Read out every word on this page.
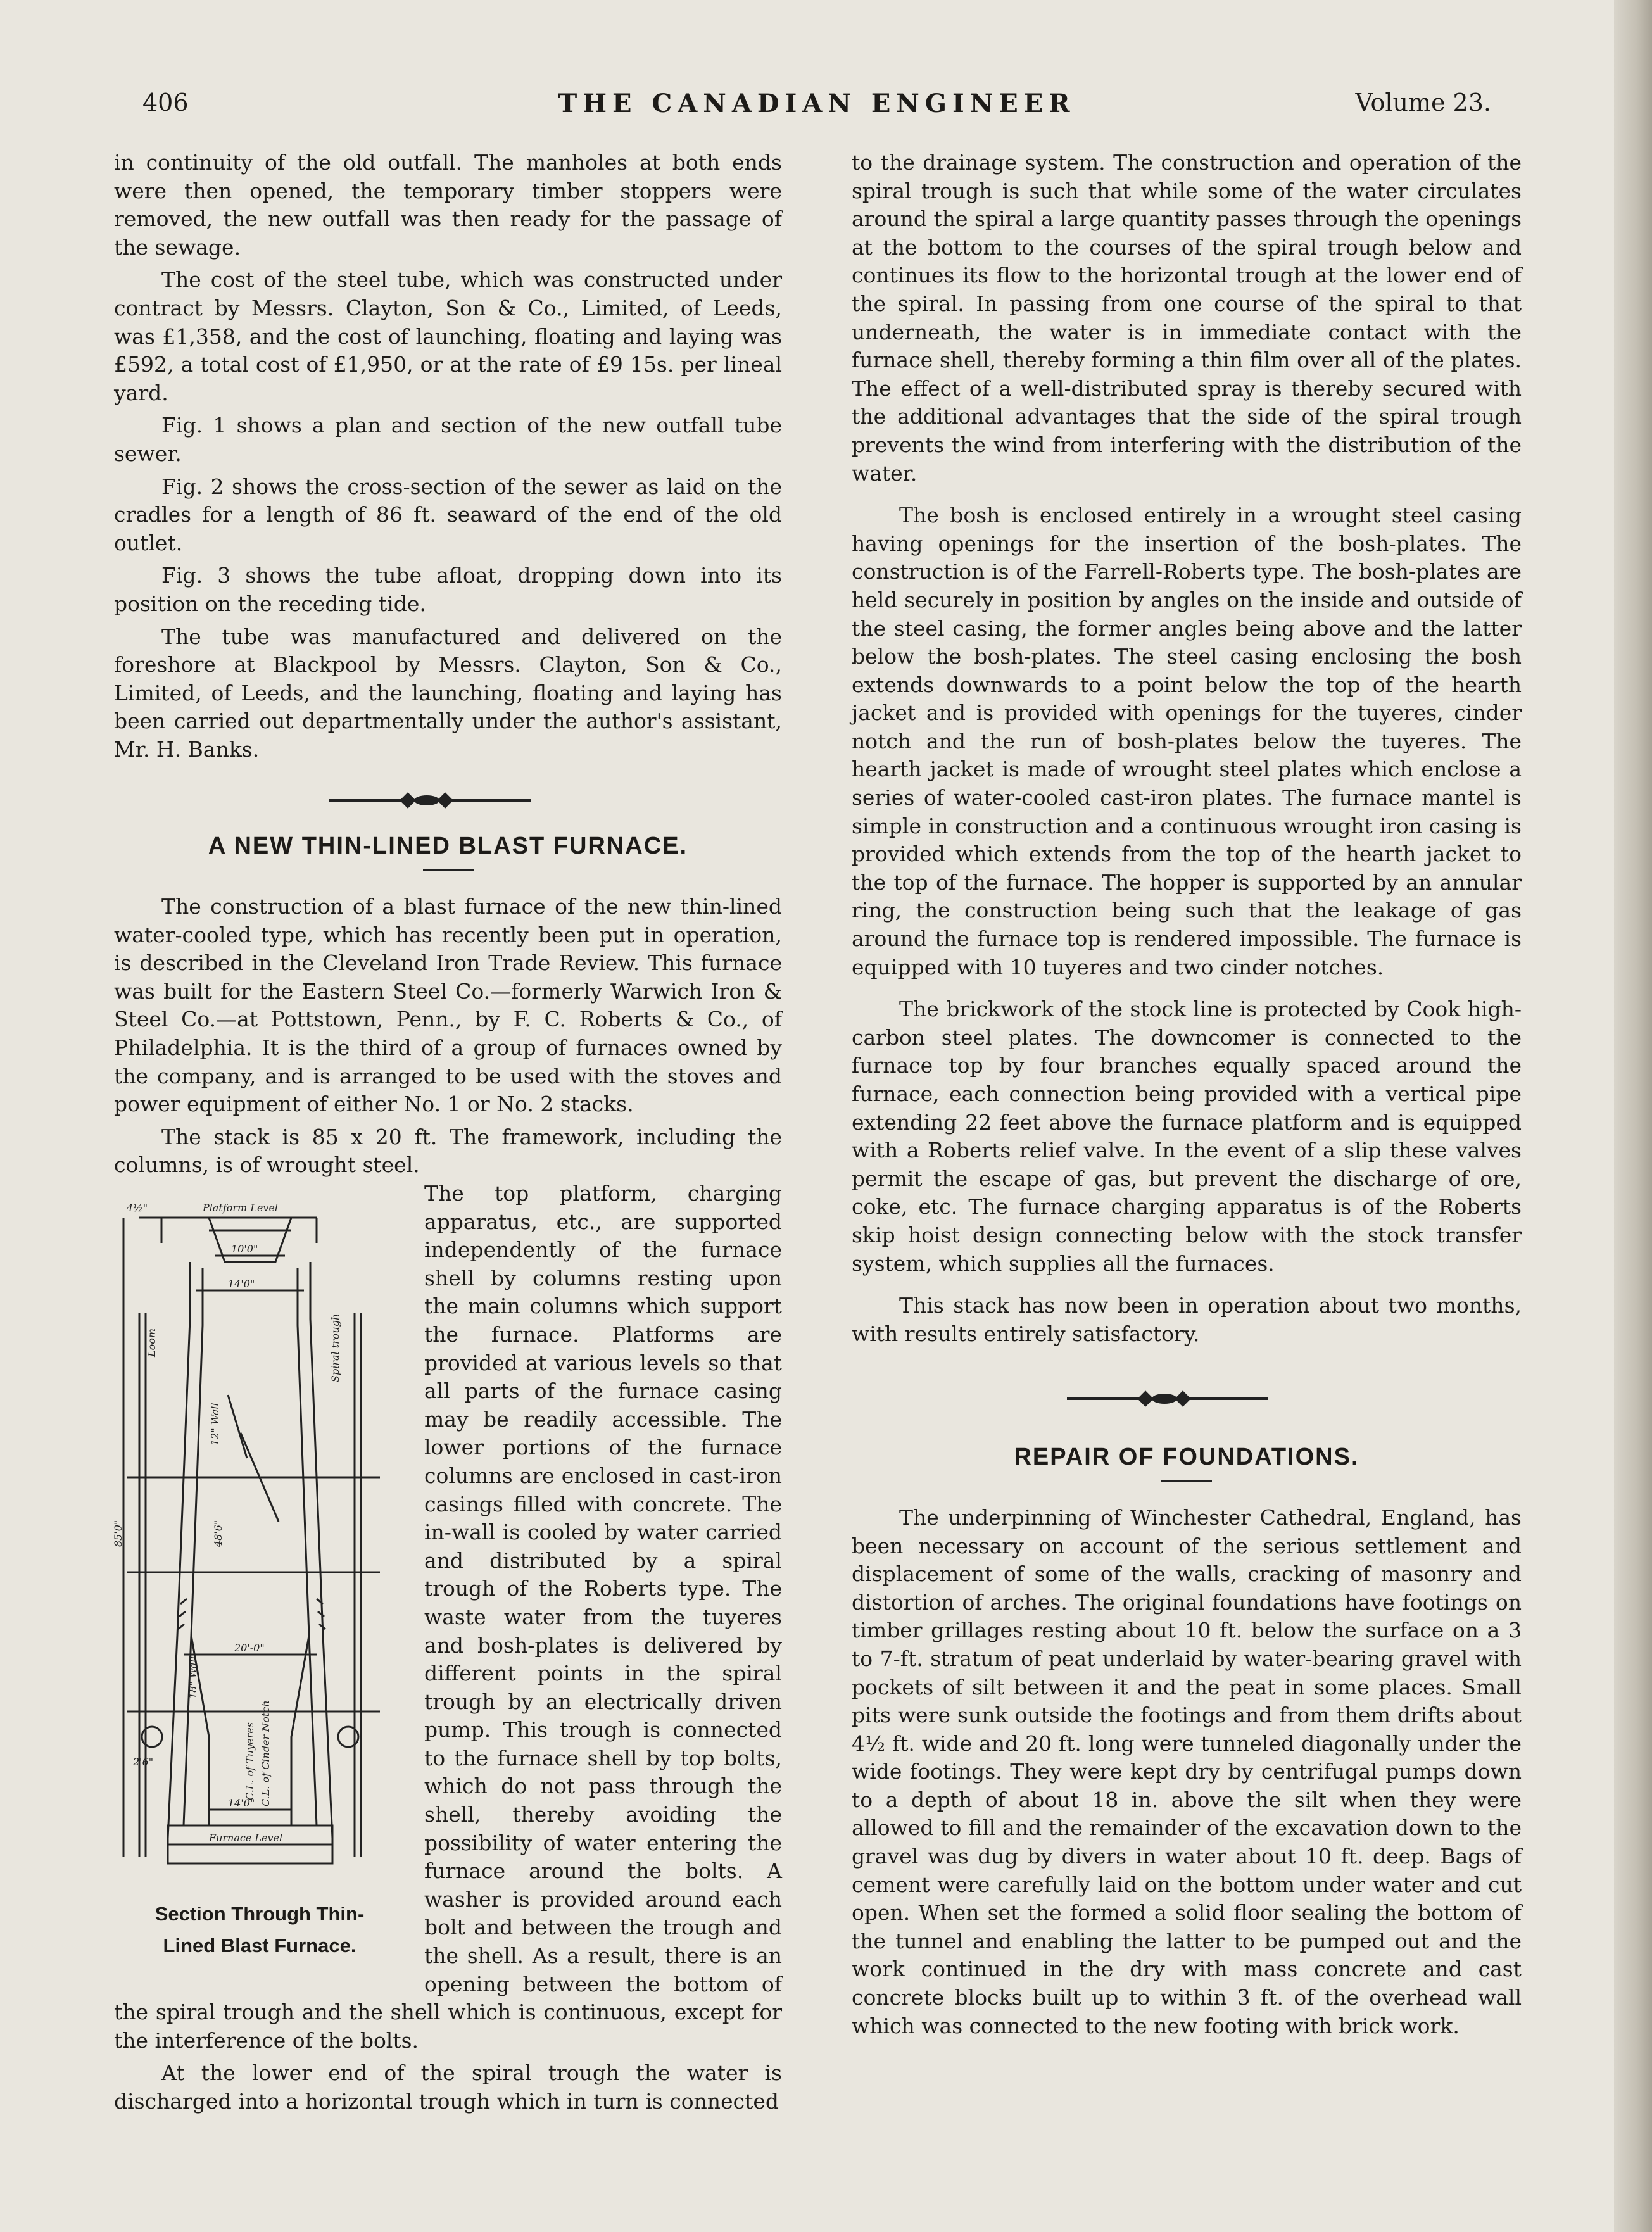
406	THE CANADIAN ENGINEER	Volume 23.

in continuity of the old outfall. The manholes at both ends were then opened, the temporary timber stoppers were removed, the new outfall was then ready for the passage of the sewage.

The cost of the steel tube, which was constructed under contract by Messrs. Clayton, Son & Co., Limited, of Leeds, was £1,358, and the cost of launching, floating and laying was £592, a total cost of £1,950, or at the rate of £9 15s. per lineal yard.

Fig. 1 shows a plan and section of the new outfall tube sewer.

Fig. 2 shows the cross-section of the sewer as laid on the cradles for a length of 86 ft. seaward of the end of the old outlet.

Fig. 3 shows the tube afloat, dropping down into its position on the receding tide.

The tube was manufactured and delivered on the foreshore at Blackpool by Messrs. Clayton, Son & Co., Limited, of Leeds, and the launching, floating and laying has been carried out departmentally under the author's assistant, Mr. H. Banks.

A NEW THIN-LINED BLAST FURNACE.

The construction of a blast furnace of the new thin-lined water-cooled type, which has recently been put in operation, is described in the Cleveland Iron Trade Review. This furnace was built for the Eastern Steel Co.—formerly Warwich Iron & Steel Co.—at Pottstown, Penn., by F. C. Roberts & Co., of Philadelphia. It is the third of a group of furnaces owned by the company, and is arranged to be used with the stoves and power equipment of either No. 1 or No. 2 stacks.

The stack is 85 x 20 ft. The framework, including the columns, is of wrought steel.

4½"	Platform Level
10'0"
14'0"
20'-0"
14'0"
Furnace Level
2'6"
85'0"	48'6"
12" Wall
18" Wall
Loom	Spiral trough
C.L. of Tuyeres C.L. of Cinder Notch
Section Through Thin-
Lined Blast Furnace.

The top platform, charging apparatus, etc., are supported independently of the furnace shell by columns resting upon the main columns which support the furnace. Platforms are provided at various levels so that all parts of the furnace casing may be readily accessible. The lower portions of the furnace columns are enclosed in cast-iron casings filled with concrete. The in-wall is cooled by water carried and distributed by a spiral trough of the Roberts type. The waste water from the tuyeres and bosh-plates is delivered by different points in the spiral trough by an electrically driven pump. This trough is connected to the furnace shell by top bolts, which do not pass through the shell, thereby avoiding the possibility of water entering the furnace around the bolts. A washer is provided around each bolt and between the trough and the shell. As a result, there is an opening between the bottom of the spiral trough and the shell which is continuous, except for the interference of the bolts.

At the lower end of the spiral trough the water is discharged into a horizontal trough which in turn is connected

to the drainage system. The construction and operation of the spiral trough is such that while some of the water circulates around the spiral a large quantity passes through the openings at the bottom to the courses of the spiral trough below and continues its flow to the horizontal trough at the lower end of the spiral. In passing from one course of the spiral to that underneath, the water is in immediate contact with the furnace shell, thereby forming a thin film over all of the plates. The effect of a well-distributed spray is thereby secured with the additional advantages that the side of the spiral trough prevents the wind from interfering with the distribution of the water.

The bosh is enclosed entirely in a wrought steel casing having openings for the insertion of the bosh-plates. The construction is of the Farrell-Roberts type. The bosh-plates are held securely in position by angles on the inside and outside of the steel casing, the former angles being above and the latter below the bosh-plates. The steel casing enclosing the bosh extends downwards to a point below the top of the hearth jacket and is provided with openings for the tuyeres, cinder notch and the run of bosh-plates below the tuyeres. The hearth jacket is made of wrought steel plates which enclose a series of water-cooled cast-iron plates. The furnace mantel is simple in construction and a continuous wrought iron casing is provided which extends from the top of the hearth jacket to the top of the furnace. The hopper is supported by an annular ring, the construction being such that the leakage of gas around the furnace top is rendered impossible. The furnace is equipped with 10 tuyeres and two cinder notches.

The brickwork of the stock line is protected by Cook high-carbon steel plates. The downcomer is connected to the furnace top by four branches equally spaced around the furnace, each connection being provided with a vertical pipe extending 22 feet above the furnace platform and is equipped with a Roberts relief valve. In the event of a slip these valves permit the escape of gas, but prevent the discharge of ore, coke, etc. The furnace charging apparatus is of the Roberts skip hoist design connecting below with the stock transfer system, which supplies all the furnaces.

This stack has now been in operation about two months, with results entirely satisfactory.

REPAIR OF FOUNDATIONS.

The underpinning of Winchester Cathedral, England, has been necessary on account of the serious settlement and displacement of some of the walls, cracking of masonry and distortion of arches. The original foundations have footings on timber grillages resting about 10 ft. below the surface on a 3 to 7-ft. stratum of peat underlaid by water-bearing gravel with pockets of silt between it and the peat in some places. Small pits were sunk outside the footings and from them drifts about 4½ ft. wide and 20 ft. long were tunneled diagonally under the wide footings. They were kept dry by centrifugal pumps down to a depth of about 18 in. above the silt when they were allowed to fill and the remainder of the excavation down to the gravel was dug by divers in water about 10 ft. deep. Bags of cement were carefully laid on the bottom under water and cut open. When set the formed a solid floor sealing the bottom of the tunnel and enabling the latter to be pumped out and the work continued in the dry with mass concrete and cast concrete blocks built up to within 3 ft. of the overhead wall which was connected to the new footing with brick work.
